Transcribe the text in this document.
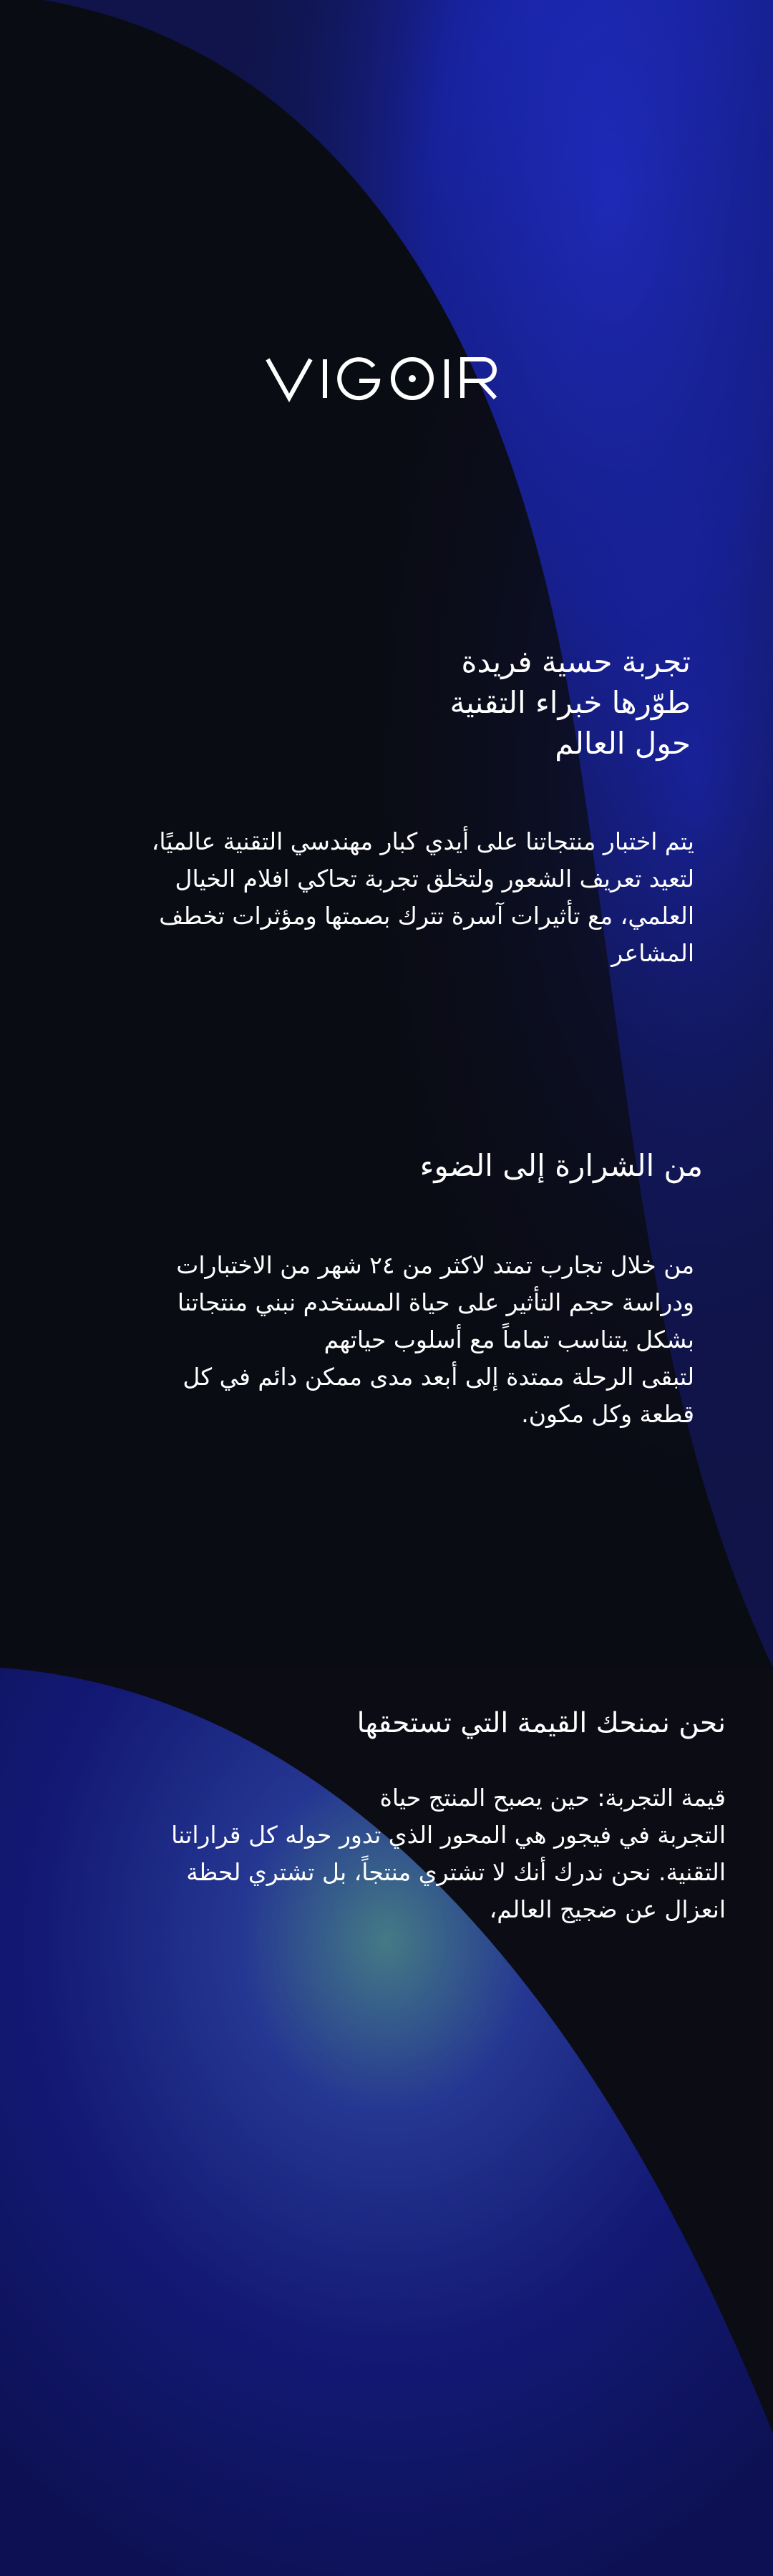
تجربة حسية فريدة
طوّرها خبراء التقنية
حول العالم

يتم اختبار منتجاتنا على أيدي كبار مهندسي التقنية عالميًا،
لتعيد تعريف الشعور ولتخلق تجربة تحاكي افلام الخيال
العلمي، مع تأثيرات آسرة تترك بصمتها ومؤثرات تخطف
المشاعر

من الشرارة إلى الضوء

من خلال تجارب تمتد لاكثر من ٢٤ شهر من الاختبارات
ودراسة حجم التأثير على حياة المستخدم نبني منتجاتنا
بشكل يتناسب تماماً مع أسلوب حياتهم
لتبقى الرحلة ممتدة إلى أبعد مدى ممكن دائم في كل
قطعة وكل مكون.

نحن نمنحك القيمة التي تستحقها

قيمة التجربة: حين يصبح المنتج حياة
التجربة في فيجور هي المحور الذي تدور حوله كل قراراتنا
التقنية. نحن ندرك أنك لا تشتري منتجاً، بل تشتري لحظة
انعزال عن ضجيج العالم،
